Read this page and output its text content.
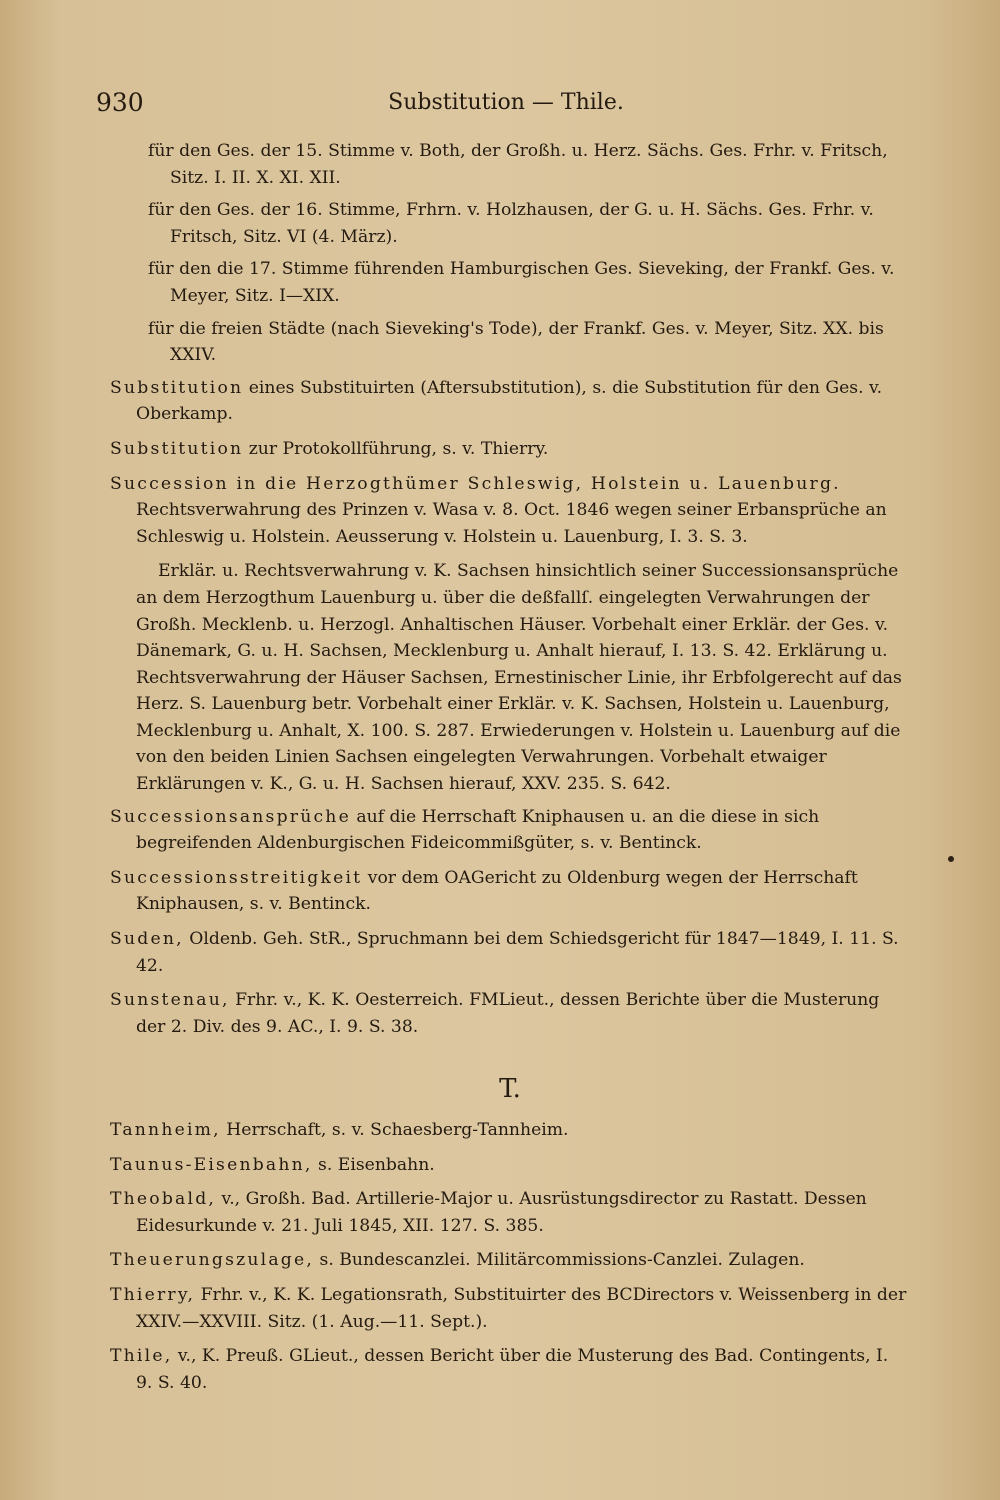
930	Substitution — Thile.

für den Ges. der 15. Stimme v. Both, der Großh. u. Herz. Sächs. Ges. Frhr. v. Fritsch, Sitz. I. II. X. XI. XII.

für den Ges. der 16. Stimme, Frhrn. v. Holzhausen, der G. u. H. Sächs. Ges. Frhr. v. Fritsch, Sitz. VI (4. März).

für den die 17. Stimme führenden Hamburgischen Ges. Sieveking, der Frankf. Ges. v. Meyer, Sitz. I—XIX.

für die freien Städte (nach Sieveking's Tode), der Frankf. Ges. v. Meyer, Sitz. XX. bis XXIV.

Substitution eines Substituirten (Aftersubstitution), s. die Substitution für den Ges. v. Oberkamp.

Substitution zur Protokollführung, s. v. Thierry.

Succession in die Herzogthümer Schleswig, Holstein u. Lauenburg. Rechtsverwahrung des Prinzen v. Wasa v. 8. Oct. 1846 wegen seiner Erbansprüche an Schleswig u. Holstein. Aeusserung v. Holstein u. Lauenburg, I. 3. S. 3.

Erklär. u. Rechtsverwahrung v. K. Sachsen hinsichtlich seiner Successionsansprüche an dem Herzogthum Lauenburg u. über die deßfallſ. eingelegten Verwahrungen der Großh. Mecklenb. u. Herzogl. Anhaltischen Häuser. Vorbehalt einer Erklär. der Ges. v. Dänemark, G. u. H. Sachsen, Mecklenburg u. Anhalt hierauf, I. 13. S. 42. Erklärung u. Rechtsverwahrung der Häuser Sachsen, Ernestinischer Linie, ihr Erbfolgerecht auf das Herz. S. Lauenburg betr. Vorbehalt einer Erklär. v. K. Sachsen, Holstein u. Lauenburg, Mecklenburg u. Anhalt, X. 100. S. 287. Erwiederungen v. Holstein u. Lauenburg auf die von den beiden Linien Sachsen eingelegten Verwahrungen. Vorbehalt etwaiger Erklärungen v. K., G. u. H. Sachsen hierauf, XXV. 235. S. 642.

Successionsansprüche auf die Herrschaft Kniphausen u. an die diese in sich begreifenden Aldenburgischen Fideicommißgüter, s. v. Bentinck.

Successionsstreitigkeit vor dem OAGericht zu Oldenburg wegen der Herrschaft Kniphausen, s. v. Bentinck.

Suden, Oldenb. Geh. StR., Spruchmann bei dem Schiedsgericht für 1847—1849, I. 11. S. 42.

Sunstenau, Frhr. v., K. K. Oesterreich. FMLieut., dessen Berichte über die Musterung der 2. Div. des 9. AC., I. 9. S. 38.

T.

Tannheim, Herrschaft, s. v. Schaesberg-Tannheim.

Taunus-Eisenbahn, s. Eisenbahn.

Theobald, v., Großh. Bad. Artillerie-Major u. Ausrüstungsdirector zu Rastatt. Dessen Eidesurkunde v. 21. Juli 1845, XII. 127. S. 385.

Theuerungszulage, s. Bundescanzlei. Militärcommissions-Canzlei. Zulagen.

Thierry, Frhr. v., K. K. Legationsrath, Substituirter des BCDirectors v. Weissenberg in der XXIV.—XXVIII. Sitz. (1. Aug.—11. Sept.).

Thile, v., K. Preuß. GLieut., dessen Bericht über die Musterung des Bad. Contingents, I. 9. S. 40.
